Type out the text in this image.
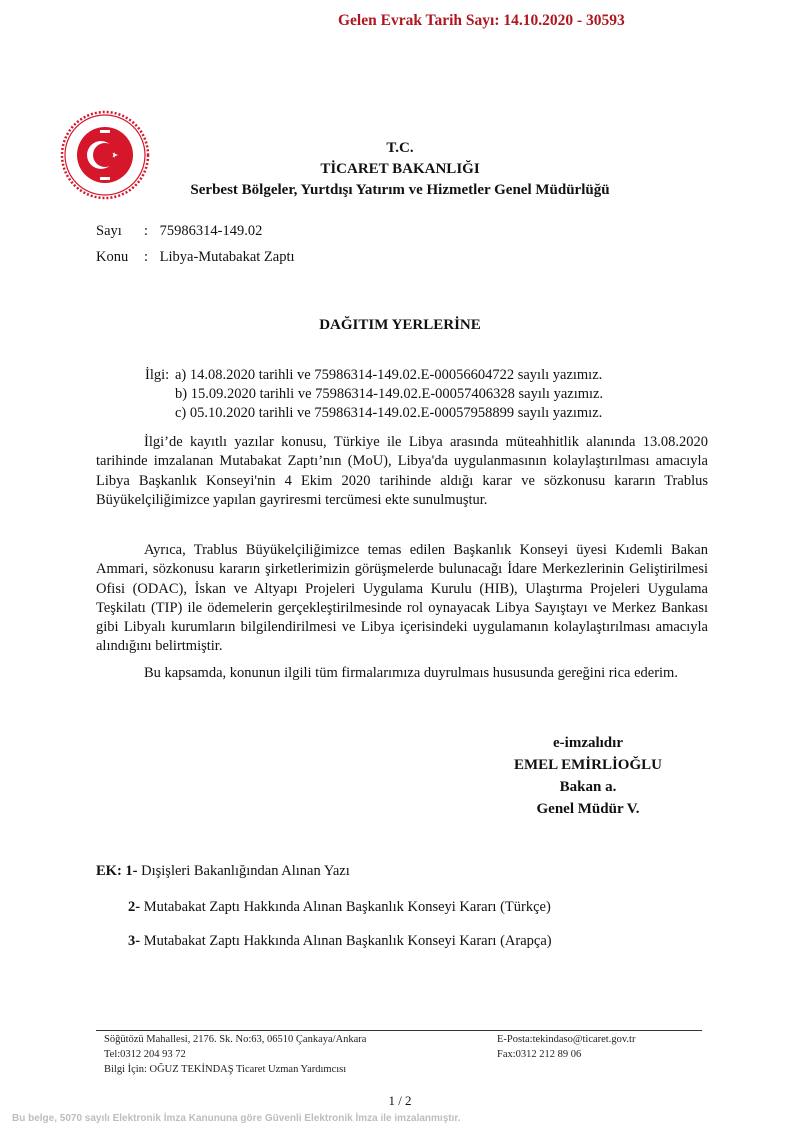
Gelen Evrak Tarih Sayı: 14.10.2020 - 30593
T.C.
TİCARET BAKANLIĞI
Serbest Bölgeler, Yurtdışı Yatırım ve Hizmetler Genel Müdürlüğü
Sayı : 75986314-149.02
Konu : Libya-Mutabakat Zaptı
DAĞITIM YERLERİNE
İlgi: a) 14.08.2020 tarihli ve 75986314-149.02.E-00056604722 sayılı yazımız.
b) 15.09.2020 tarihli ve 75986314-149.02.E-00057406328 sayılı yazımız.
c) 05.10.2020 tarihli ve 75986314-149.02.E-00057958899 sayılı yazımız.
İlgi’de kayıtlı yazılar konusu, Türkiye ile Libya arasında müteahhitlik alanında 13.08.2020 tarihinde imzalanan Mutabakat Zaptı’nın (MoU), Libya'da uygulanmasının kolaylaştırılması amacıyla Libya Başkanlık Konseyi'nin 4 Ekim 2020 tarihinde aldığı karar ve sözkonusu kararın Trablus Büyükelçiliğimizce yapılan gayriresmi tercümesi ekte sunulmuştur.
Ayrıca, Trablus Büyükelçiliğimizce temas edilen Başkanlık Konseyi üyesi Kıdemli Bakan Ammari, sözkonusu kararın şirketlerimizin görüşmelerde bulunacağı İdare Merkezlerinin Geliştirilmesi Ofisi (ODAC), İskan ve Altyapı Projeleri Uygulama Kurulu (HIB), Ulaştırma Projeleri Uygulama Teşkilatı (TIP) ile ödemelerin gerçekleştirilmesinde rol oynayacak Libya Sayıştayı ve Merkez Bankası gibi Libyalı kurumların bilgilendirilmesi ve Libya içerisindeki uygulamanın kolaylaştırılması amacıyla alındığını belirtmiştir.
Bu kapsamda, konunun ilgili tüm firmalarımıza duyrulmaıs hususunda gereğini rica ederim.
e-imzalıdır
EMEL EMİRLİOĞLU
Bakan a.
Genel Müdür V.
EK: 1- Dışişleri Bakanlığından Alınan Yazı
2- Mutabakat Zaptı Hakkında Alınan Başkanlık Konseyi Kararı (Türkçe)
3- Mutabakat Zaptı Hakkında Alınan Başkanlık Konseyi Kararı (Arapça)
Söğütözü Mahallesi, 2176. Sk. No:63, 06510 Çankaya/Ankara
Tel:0312 204 93 72
Bilgi İçin: OĞUZ TEKİNDAŞ Ticaret Uzman Yardımcısı
E-Posta:tekindaso@ticaret.gov.tr
Fax:0312 212 89 06
1 / 2
Bu belge, 5070 sayılı Elektronik İmza Kanununa göre Güvenli Elektronik İmza ile imzalanmıştır.
